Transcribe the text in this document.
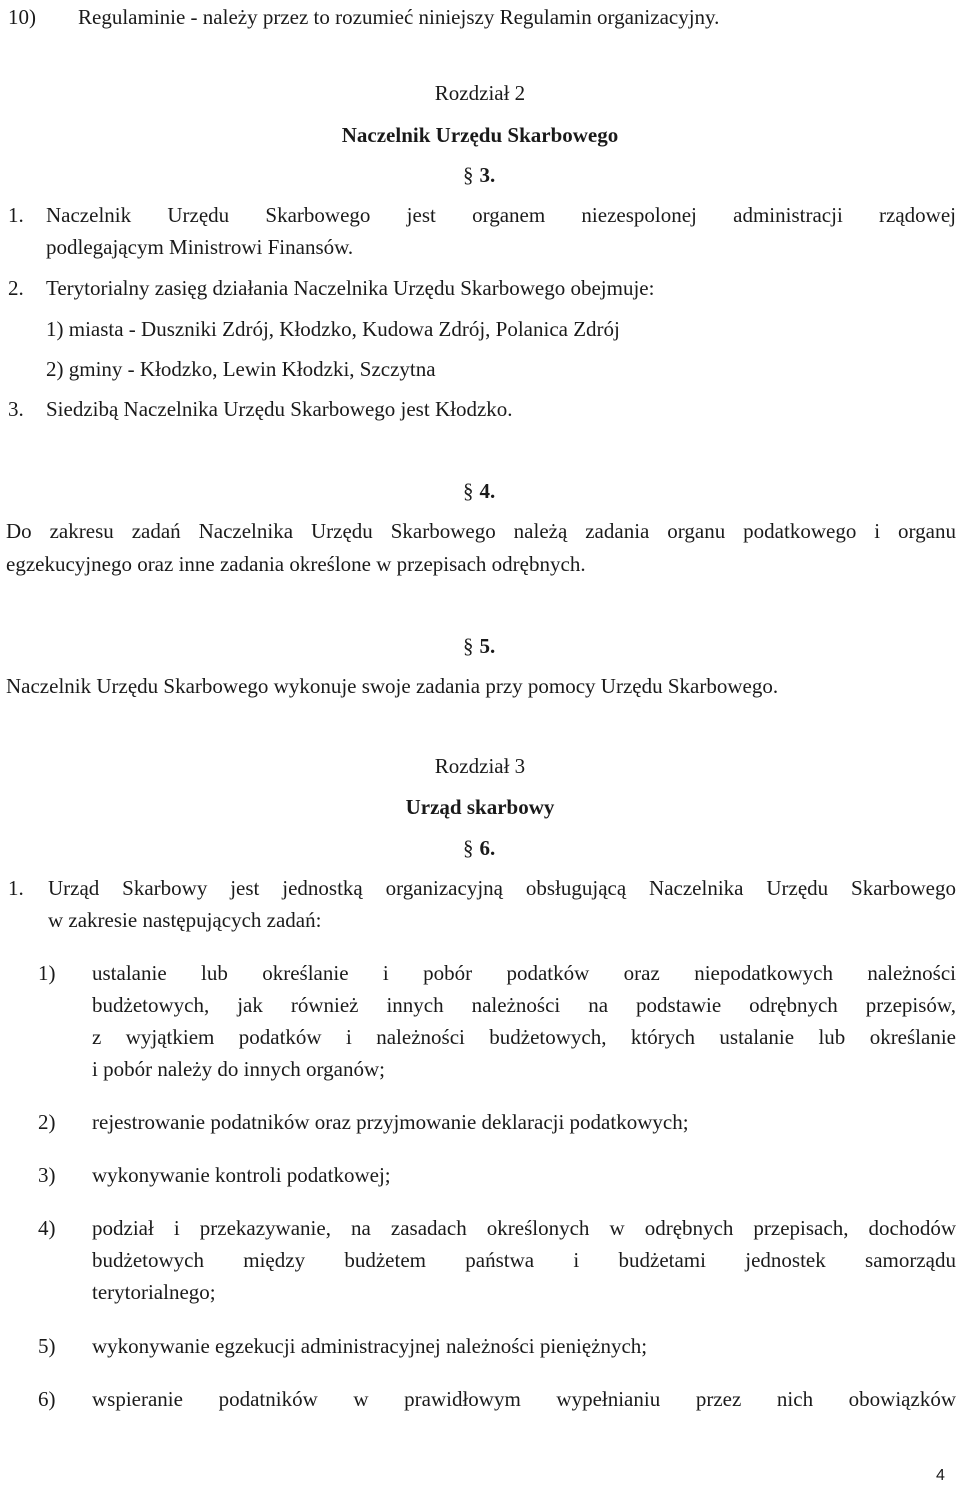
10) Regulaminie - należy przez to rozumieć niniejszy Regulamin organizacyjny.
Rozdział 2
Naczelnik Urzędu Skarbowego
§ 3.
1. Naczelnik Urzędu Skarbowego jest organem niezespolonej administracji rządowej
podlegającym Ministrowi Finansów.
2. Terytorialny zasięg działania Naczelnika Urzędu Skarbowego obejmuje:
1) miasta - Duszniki Zdrój, Kłodzko, Kudowa Zdrój, Polanica Zdrój
2) gminy - Kłodzko, Lewin Kłodzki, Szczytna
3. Siedzibą Naczelnika Urzędu Skarbowego jest Kłodzko.
§ 4.
Do zakresu zadań Naczelnika Urzędu Skarbowego należą zadania organu podatkowego i organu
egzekucyjnego oraz inne zadania określone w przepisach odrębnych.
§ 5.
Naczelnik Urzędu Skarbowego wykonuje swoje zadania przy pomocy Urzędu Skarbowego.
Rozdział 3
Urząd skarbowy
§ 6.
1. Urząd Skarbowy jest jednostką organizacyjną obsługującą Naczelnika Urzędu Skarbowego
w zakresie następujących zadań:
1) ustalanie lub określanie i pobór podatków oraz niepodatkowych należności
budżetowych, jak również innych należności na podstawie odrębnych przepisów,
z wyjątkiem podatków i należności budżetowych, których ustalanie lub określanie
i pobór należy do innych organów;
2) rejestrowanie podatników oraz przyjmowanie deklaracji podatkowych;
3) wykonywanie kontroli podatkowej;
4) podział i przekazywanie, na zasadach określonych w odrębnych przepisach, dochodów
budżetowych między budżetem państwa i budżetami jednostek samorządu
terytorialnego;
5) wykonywanie egzekucji administracyjnej należności pieniężnych;
6) wspieranie podatników w prawidłowym wypełnianiu przez nich obowiązków
4
